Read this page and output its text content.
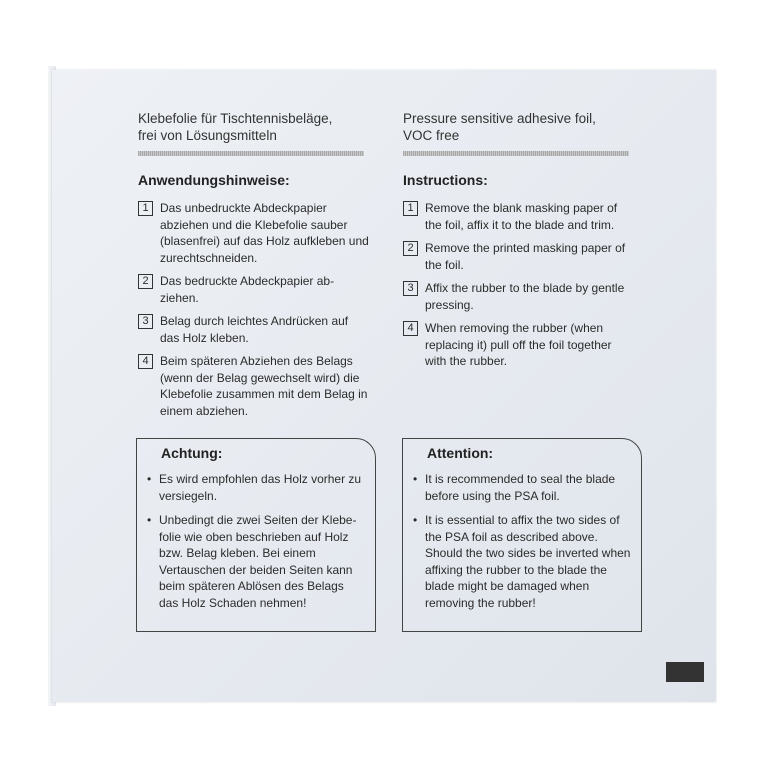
Klebefolie für Tischtennisbeläge,
frei von Lösungsmitteln
Anwendungshinweise:
1 Das unbedruckte Abdeckpapier abziehen und die Klebefolie sauber (blasenfrei) auf das Holz aufkleben und zurechtschneiden.
2 Das bedruckte Abdeckpapier ab-ziehen.
3 Belag durch leichtes Andrücken auf das Holz kleben.
4 Beim späteren Abziehen des Belags (wenn der Belag gewechselt wird) die Klebefolie zusammen mit dem Belag in einem abziehen.
Achtung:
• Es wird empfohlen das Holz vorher zu versiegeln.
• Unbedingt die zwei Seiten der Klebe-folie wie oben beschrieben auf Holz bzw. Belag kleben. Bei einem Vertauschen der beiden Seiten kann beim späteren Ablösen des Belags das Holz Schaden nehmen!
Pressure sensitive adhesive foil,
VOC free
Instructions:
1 Remove the blank masking paper of the foil, affix it to the blade and trim.
2 Remove the printed masking paper of the foil.
3 Affix the rubber to the blade by gentle pressing.
4 When removing the rubber (when replacing it) pull off the foil together with the rubber.
Attention:
• It is recommended to seal the blade before using the PSA foil.
• It is essential to affix the two sides of the PSA foil as described above. Should the two sides be inverted when affixing the rubber to the blade the blade might be damaged when removing the rubber!
